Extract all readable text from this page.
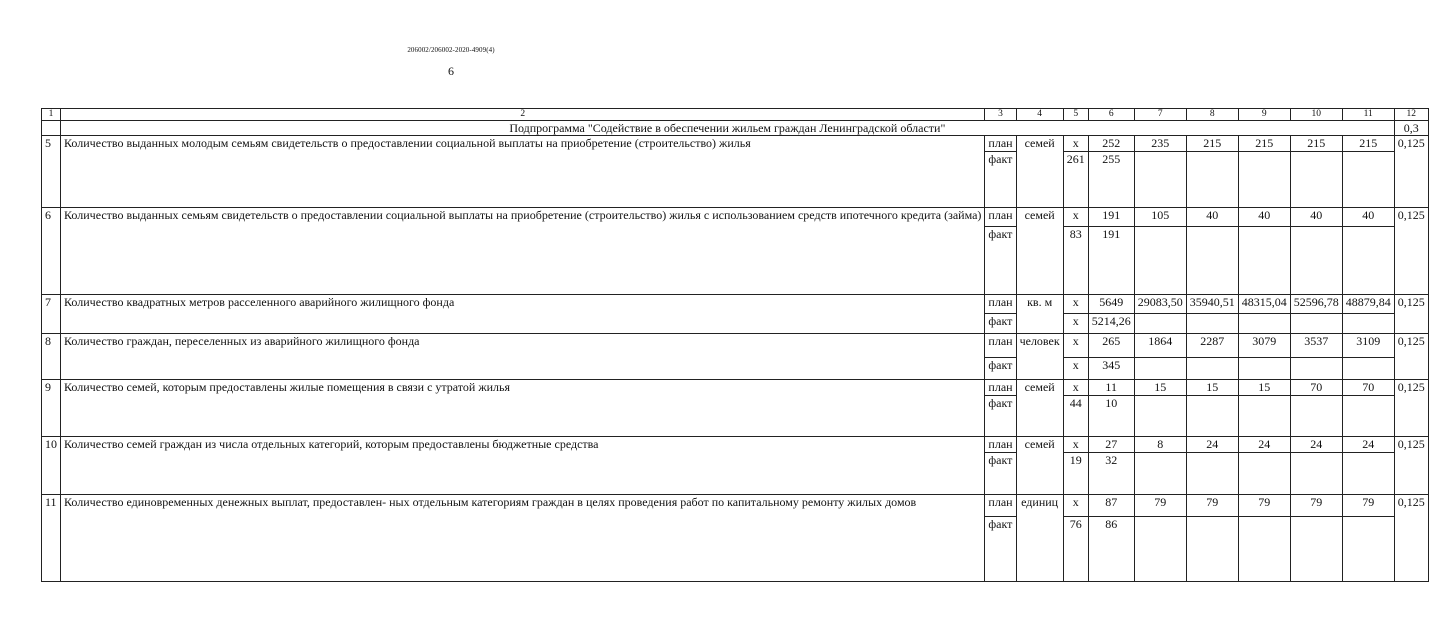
206002/206002-2020-4909(4)
6
1	2	3	4	5	6	7	8	9	10	11	12
	Подпрограмма "Содействие в обеспечении жильем граждан Ленинградской области"										0,3
5	Количество выданных молодым семьям свидетельств о предоставлении социальной выплаты на приобретение (строительство) жилья	план	семей	х	252	235	215	215	215	215	0,125
		факт		261	255						
6	Количество выданных семьям свидетельств о предоставлении социальной выплаты на приобретение (строительство) жилья с использованием средств ипотечного кредита (займа)	план	семей	х	191	105	40	40	40	40	0,125
		факт		83	191						
7	Количество квадратных метров расселенного аварийного жилищного фонда	план	кв. м	х	5649	29083,50	35940,51	48315,04	52596,78	48879,84	0,125
		факт		х	5214,26						
8	Количество граждан, переселенных из аварийного жилищного фонда	план	человек	х	265	1864	2287	3079	3537	3109	0,125
		факт		х	345						
9	Количество семей, которым предоставлены жилые помещения в связи с утратой жилья	план	семей	х	11	15	15	15	70	70	0,125
		факт		44	10						
10	Количество семей граждан из числа отдельных категорий, которым предоставлены бюджетные средства	план	семей	х	27	8	24	24	24	24	0,125
		факт		19	32						
11	Количество единовременных денежных выплат, предоставлен- ных отдельным категориям граждан в целях проведения работ по капитальному ремонту жилых домов	план	единиц	х	87	79	79	79	79	79	0,125
		факт		76	86						
